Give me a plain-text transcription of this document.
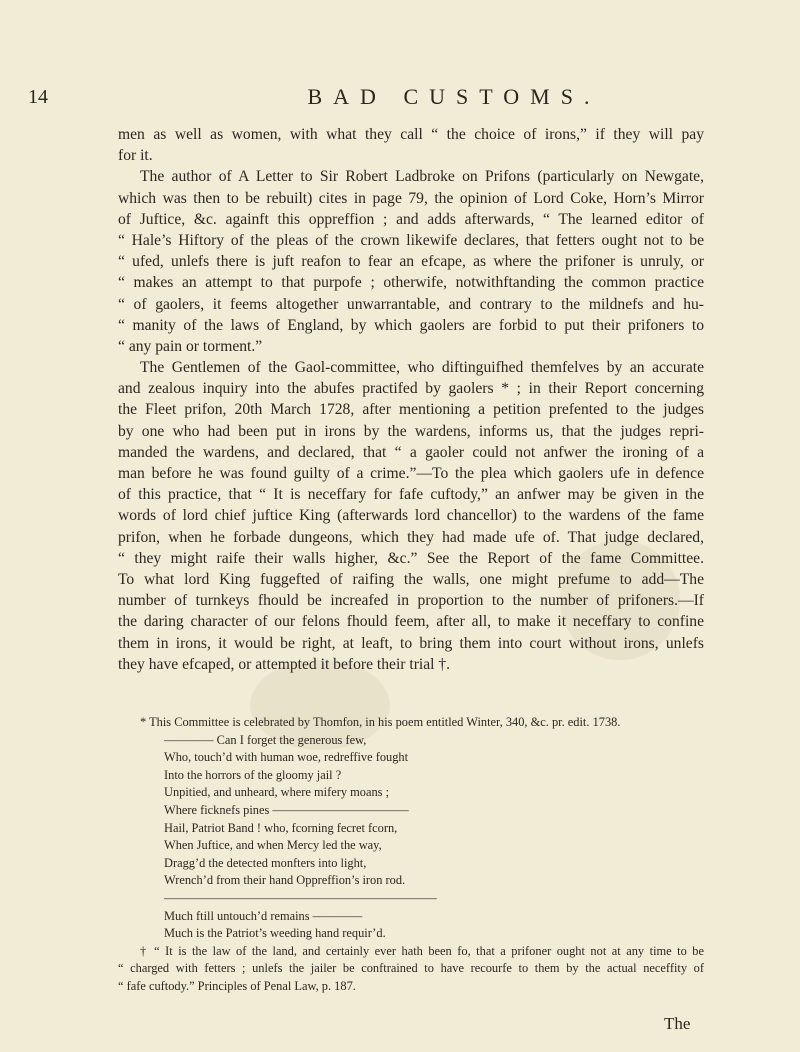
14	BAD CUSTOMS.
men as well as women, with what they call “ the choice of irons,” if they will pay
for it.
The author of A Letter to Sir Robert Ladbroke on Prifons (particularly on Newgate,
which was then to be rebuilt) cites in page 79, the opinion of Lord Coke, Horn’s Mirror
of Juftice, &c. againft this oppreffion ; and adds afterwards, “ The learned editor of
“ Hale’s Hiftory of the pleas of the crown likewife declares, that fetters ought not to be
“ ufed, unlefs there is juft reafon to fear an efcape, as where the prifoner is unruly, or
“ makes an attempt to that purpofe ; otherwife, notwithftanding the common practice
“ of gaolers, it feems altogether unwarrantable, and contrary to the mildnefs and hu-
“ manity of the laws of England, by which gaolers are forbid to put their prifoners to
“ any pain or torment.”
The Gentlemen of the Gaol-committee, who diftinguifhed themfelves by an accurate
and zealous inquiry into the abufes practifed by gaolers * ; in their Report concerning
the Fleet prifon, 20th March 1728, after mentioning a petition prefented to the judges
by one who had been put in irons by the wardens, informs us, that the judges repri-
manded the wardens, and declared, that “ a gaoler could not anfwer the ironing of a
man before he was found guilty of a crime.”—To the plea which gaolers ufe in defence
of this practice, that “ It is neceffary for fafe cuftody,” an anfwer may be given in the
words of lord chief juftice King (afterwards lord chancellor) to the wardens of the fame
prifon, when he forbade dungeons, which they had made ufe of. That judge declared,
“ they might raife their walls higher, &c.” See the Report of the fame Committee.
To what lord King fuggefted of raifing the walls, one might prefume to add—The
number of turnkeys fhould be increafed in proportion to the number of prifoners.—If
the daring character of our felons fhould feem, after all, to make it neceffary to confine
them in irons, it would be right, at leaft, to bring them into court without irons, unlefs
they have efcaped, or attempted it before their trial †.
* This Committee is celebrated by Thomfon, in his poem entitled Winter, 340, &c. pr. edit. 1738.
———— Can I forget the generous few,
Who, touch’d with human woe, redreffive fought
Into the horrors of the gloomy jail ?
Unpitied, and unheard, where mifery moans ;
Where ficknefs pines ———————————
Hail, Patriot Band ! who, fcorning fecret fcorn,
When Juftice, and when Mercy led the way,
Dragg’d the detected monfters into light,
Wrench’d from their hand Oppreffion’s iron rod.
——————————————————————
Much ftill untouch’d remains ————
Much is the Patriot’s weeding hand requir’d.
† “ It is the law of the land, and certainly ever hath been fo, that a prifoner ought not at any time to be
“ charged with fetters ; unlefs the jailer be conftrained to have recourfe to them by the actual neceffity of
“ fafe cuftody.” Principles of Penal Law, p. 187.
The
